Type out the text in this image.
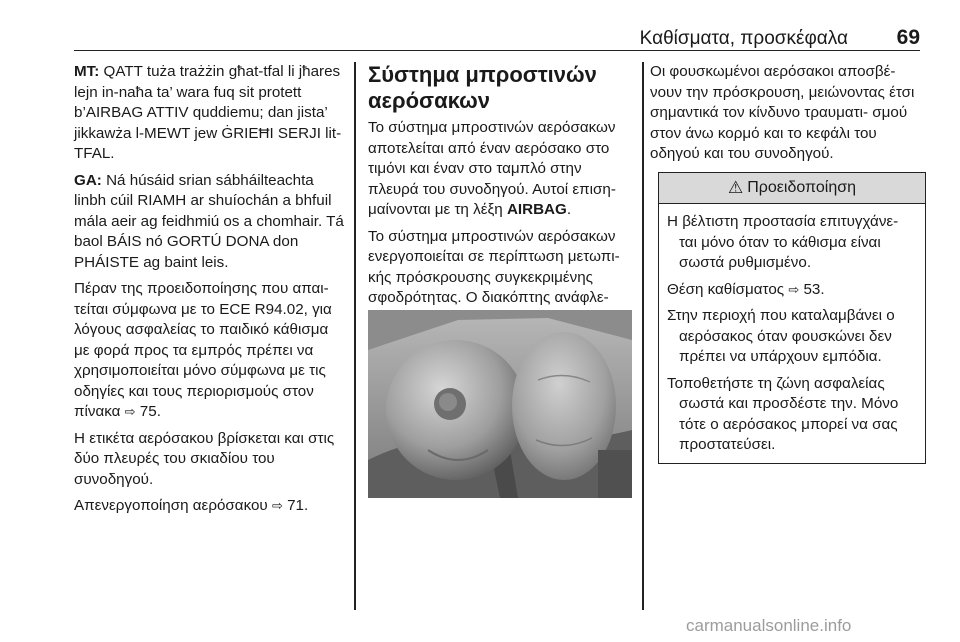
Καθίσματα, προσκέφαλα 69

MT: QATT tuża trażżin għat-tfal li jħares lejn in-naħa ta’ wara fuq sit protett b’AIRBAG ATTIV quddiemu; dan jista’ jikkawża l-MEWT jew ĠRIEĦI SERJI lit-TFAL.

GA: Ná húsáid srian sábháilteachta linbh cúil RIAMH ar shuíochán a bhfuil mála aeir ag feidhmiú os a chomhair. Tá baol BÁIS nó GORTÚ DONA don PHÁISTE ag baint leis.

Πέραν της προειδοποίησης που απαι‐ τείται σύμφωνα με το ECE R94.02, για λόγους ασφαλείας το παιδικό κάθισμα με φορά προς τα εμπρός πρέπει να χρησιμοποιείται μόνο σύμφωνα με τις οδηγίες και τους περιορισμούς στον πίνακα ⇨ 75.

Η ετικέτα αερόσακου βρίσκεται και στις δύο πλευρές του σκιαδίου του συνοδηγού.

Απενεργοποίηση αερόσακου ⇨ 71.

Σύστημα μπροστινών αερόσακων

Το σύστημα μπροστινών αερόσακων αποτελείται από έναν αερόσακο στο τιμόνι και έναν στο ταμπλό στην πλευρά του συνοδηγού. Αυτοί επιση‐ μαίνονται με τη λέξη AIRBAG.

Το σύστημα μπροστινών αερόσακων ενεργοποιείται σε περίπτωση μετωπι‐ κής πρόσκρουσης συγκεκριμένης σφοδρότητας. Ο διακόπτης ανάφλε‐

Οι φουσκωμένοι αερόσακοι αποσβέ‐ νουν την πρόσκρουση, μειώνοντας έτσι σημαντικά τον κίνδυνο τραυματι‐ σμού στον άνω κορμό και το κεφάλι του οδηγού και του συνοδηγού.

⚠ Προειδοποίηση

Η βέλτιστη προστασία επιτυγχάνε‐ ται μόνο όταν το κάθισμα είναι σωστά ρυθμισμένο.

Θέση καθίσματος ⇨ 53.

Στην περιοχή που καταλαμβάνει ο αερόσακος όταν φουσκώνει δεν πρέπει να υπάρχουν εμπόδια.

Τοποθετήστε τη ζώνη ασφαλείας σωστά και προσδέστε την. Μόνο τότε ο αερόσακος μπορεί να σας προστατεύσει.

carmanualsonline.info
